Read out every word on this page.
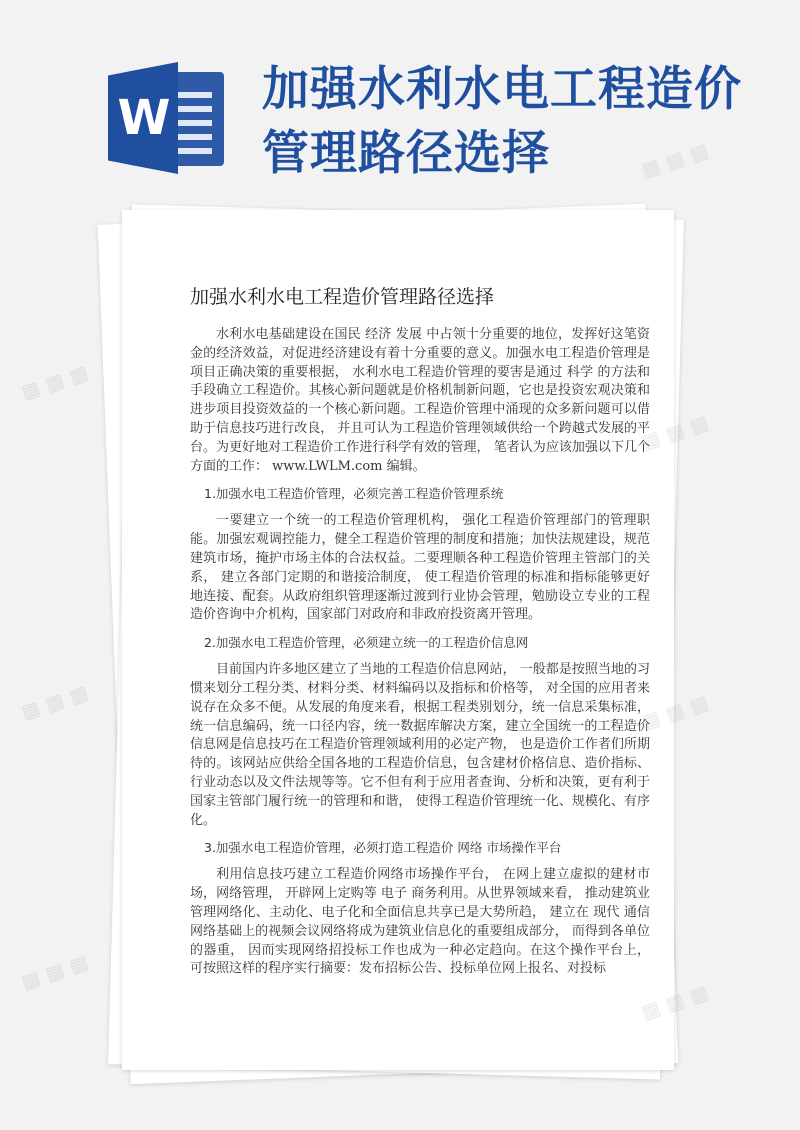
W
加强水利水电工程造价管理路径选择
加强水利水电工程造价管理路径选择

水利水电基础建设在国民 经济 发展 中占领十分重要的地位，发挥好这笔资金的经济效益，对促进经济建设有着十分重要的意义。加强水电工程造价管理是项目正确决策的重要根据， 水利水电工程造价管理的要害是通过 科学 的方法和手段确立工程造价。其核心新问题就是价格机制新问题，它也是投资宏观决策和进步项目投资效益的一个核心新问题。工程造价管理中涌现的众多新问题可以借助于信息技巧进行改良， 并且可认为工程造价管理领域供给一个跨越式发展的平台。为更好地对工程造价工作进行科学有效的管理， 笔者认为应该加强以下几个方面的工作： www.LWLM.com 编辑。

1.加强水电工程造价管理，必须完善工程造价管理系统

一要建立一个统一的工程造价管理机构， 强化工程造价管理部门的管理职能。加强宏观调控能力，健全工程造价管理的制度和措施；加快法规建设，规范建筑市场，掩护市场主体的合法权益。二要理顺各种工程造价管理主管部门的关系， 建立各部门定期的和谐接洽制度， 使工程造价管理的标准和指标能够更好地连接、配套。从政府组织管理逐渐过渡到行业协会管理，勉励设立专业的工程造价咨询中介机构，国家部门对政府和非政府投资离开管理。

2.加强水电工程造价管理，必须建立统一的工程造价信息网

目前国内许多地区建立了当地的工程造价信息网站， 一般都是按照当地的习惯来划分工程分类、材料分类、材料编码以及指标和价格等， 对全国的应用者来说存在众多不便。从发展的角度来看，根据工程类别划分，统一信息采集标准，统一信息编码，统一口径内容，统一数据库解决方案，建立全国统一的工程造价信息网是信息技巧在工程造价管理领域利用的必定产物， 也是造价工作者们所期待的。该网站应供给全国各地的工程造价信息，包含建材价格信息、造价指标、行业动态以及文件法规等等。它不但有利于应用者查询、分析和决策，更有利于国家主管部门履行统一的管理和和谐， 使得工程造价管理统一化、规模化、有序化。

3.加强水电工程造价管理，必须打造工程造价 网络 市场操作平台

利用信息技巧建立工程造价网络市场操作平台， 在网上建立虚拟的建材市场，网络管理， 开辟网上定购等 电子 商务利用。从世界领域来看， 推动建筑业管理网络化、主动化、电子化和全面信息共享已是大势所趋， 建立在 现代 通信网络基础上的视频会议网络将成为建筑业信息化的重要组成部分， 而得到各单位的器重， 因而实现网络招投标工作也成为一种必定趋向。在这个操作平台上， 可按照这样的程序实行摘要：发布招标公告、投标单位网上报名、对投标

▦ ▦ ▦
▦ ▦ ▦
▦ ▦ ▦
▦ ▦ ▦	▦ ▦ ▦
▦ ▦ ▦
▦ ▦ ▦
